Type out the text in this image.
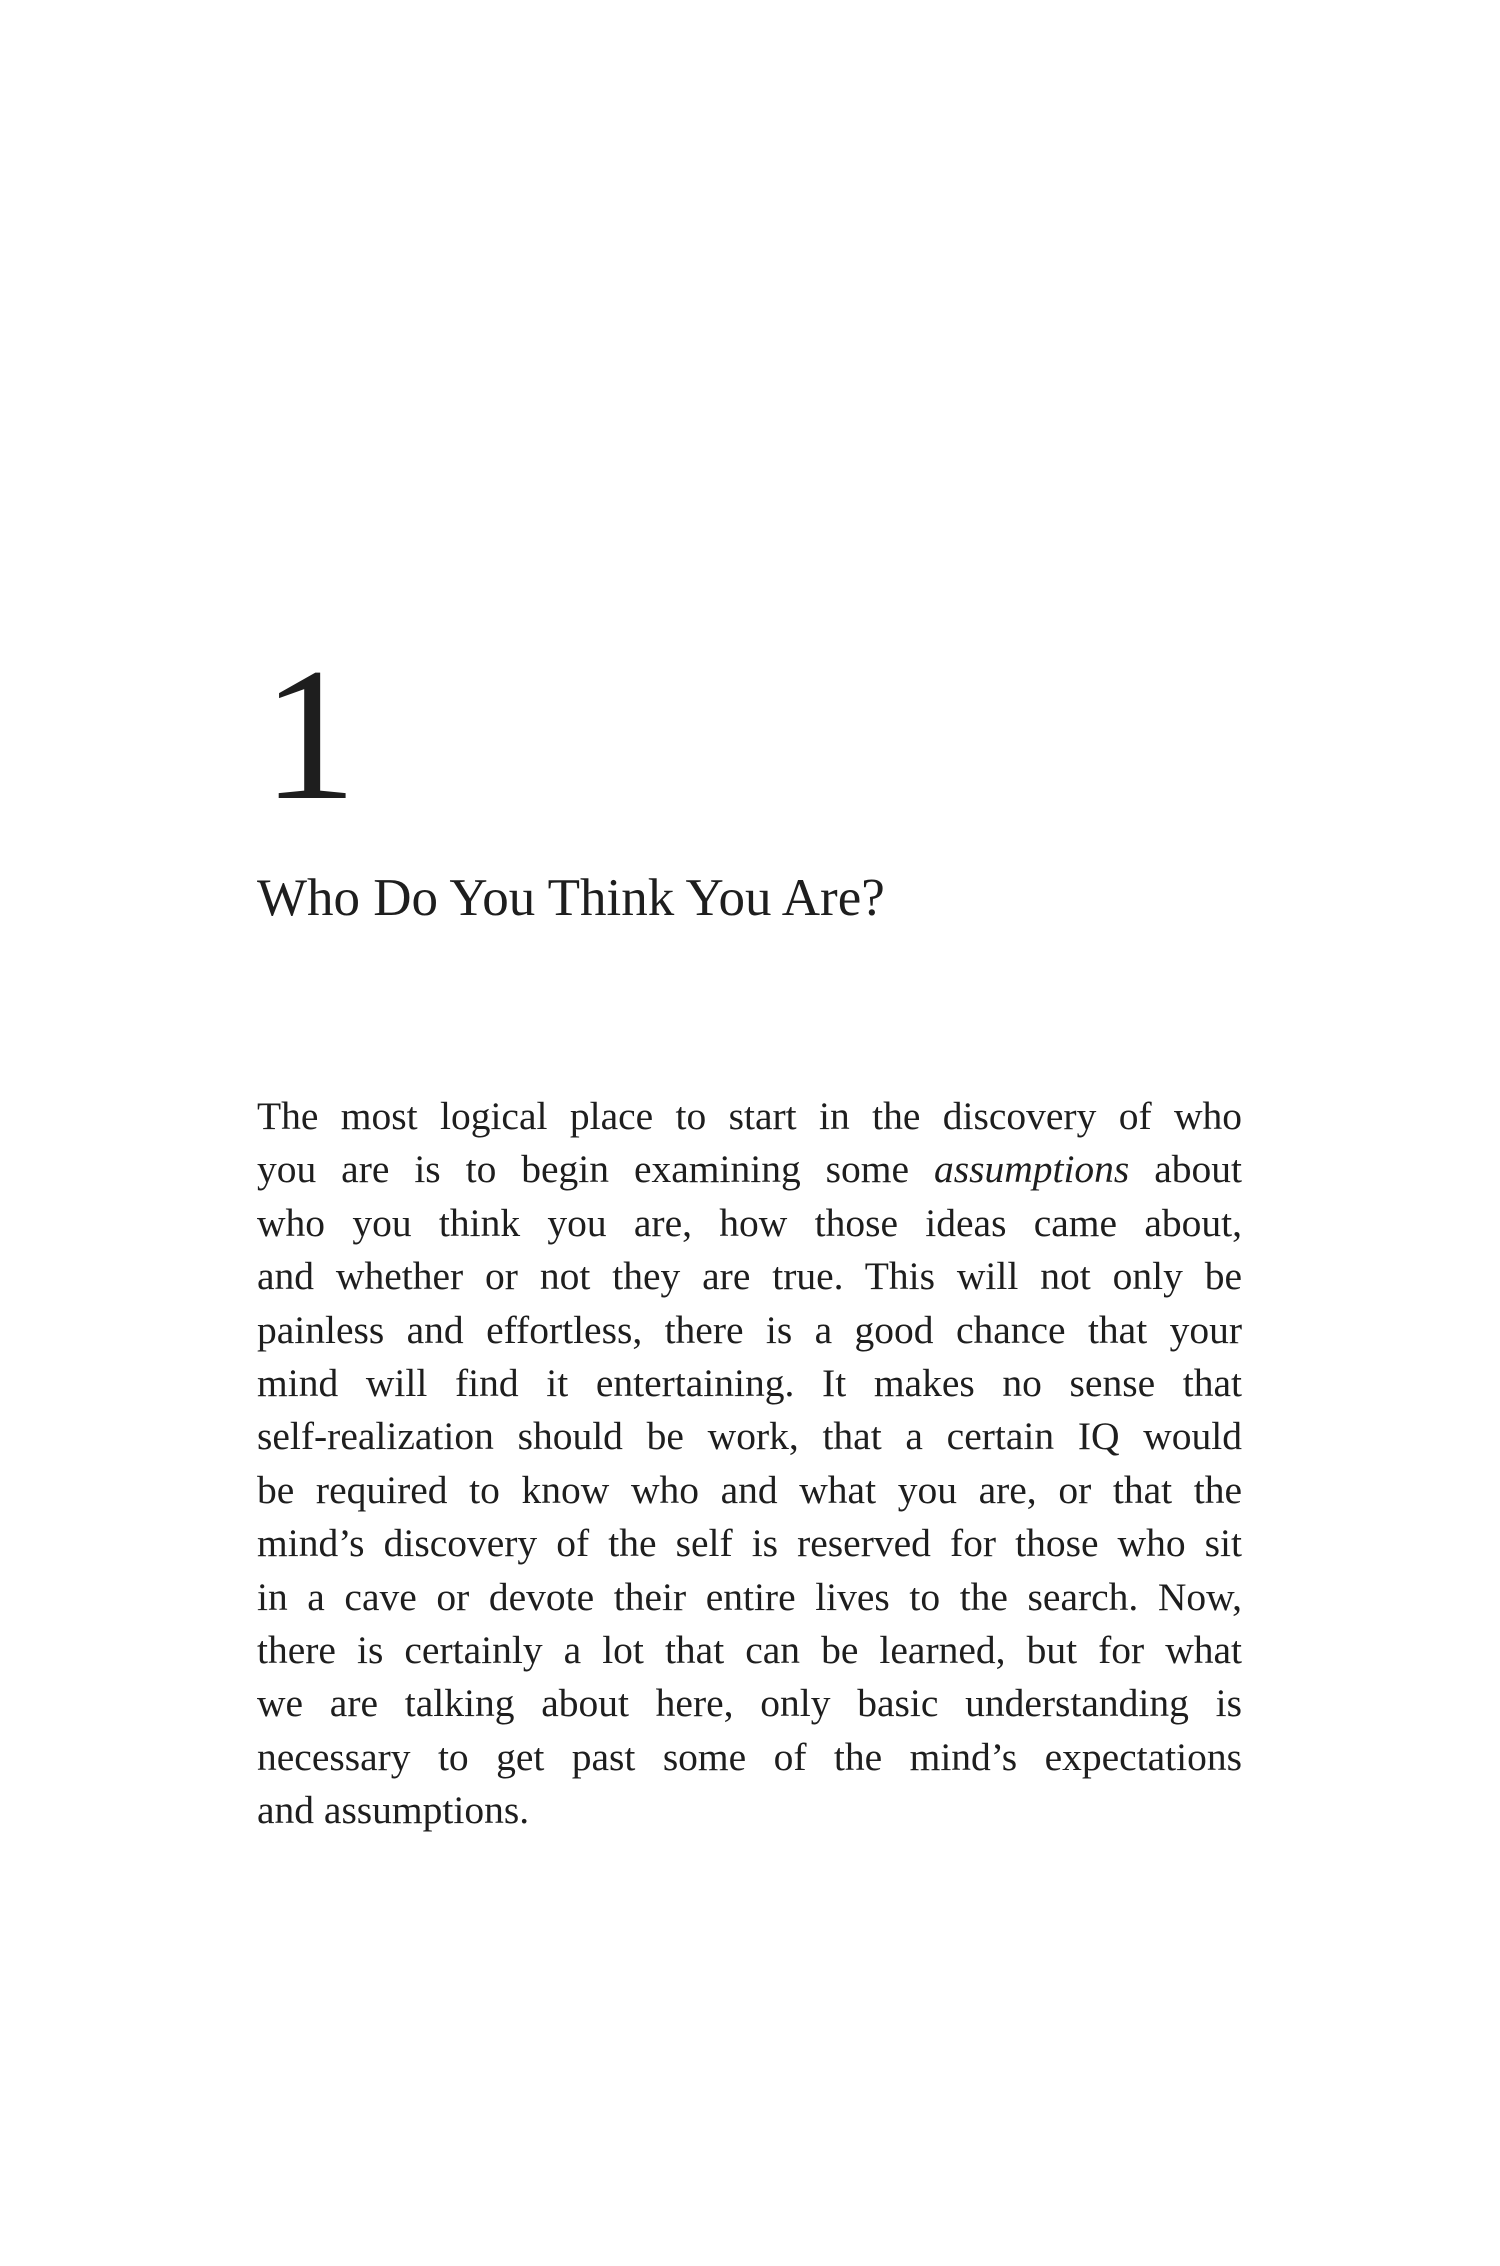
1
Who Do You Think You Are?
The most logical place to start in the discovery of who
you are is to begin examining some assumptions about
who you think you are, how those ideas came about,
and whether or not they are true. This will not only be
painless and effortless, there is a good chance that your
mind will find it entertaining. It makes no sense that
self-realization should be work, that a certain IQ would
be required to know who and what you are, or that the
mind’s discovery of the self is reserved for those who sit
in a cave or devote their entire lives to the search. Now,
there is certainly a lot that can be learned, but for what
we are talking about here, only basic understanding is
necessary to get past some of the mind’s expectations
and assumptions.
